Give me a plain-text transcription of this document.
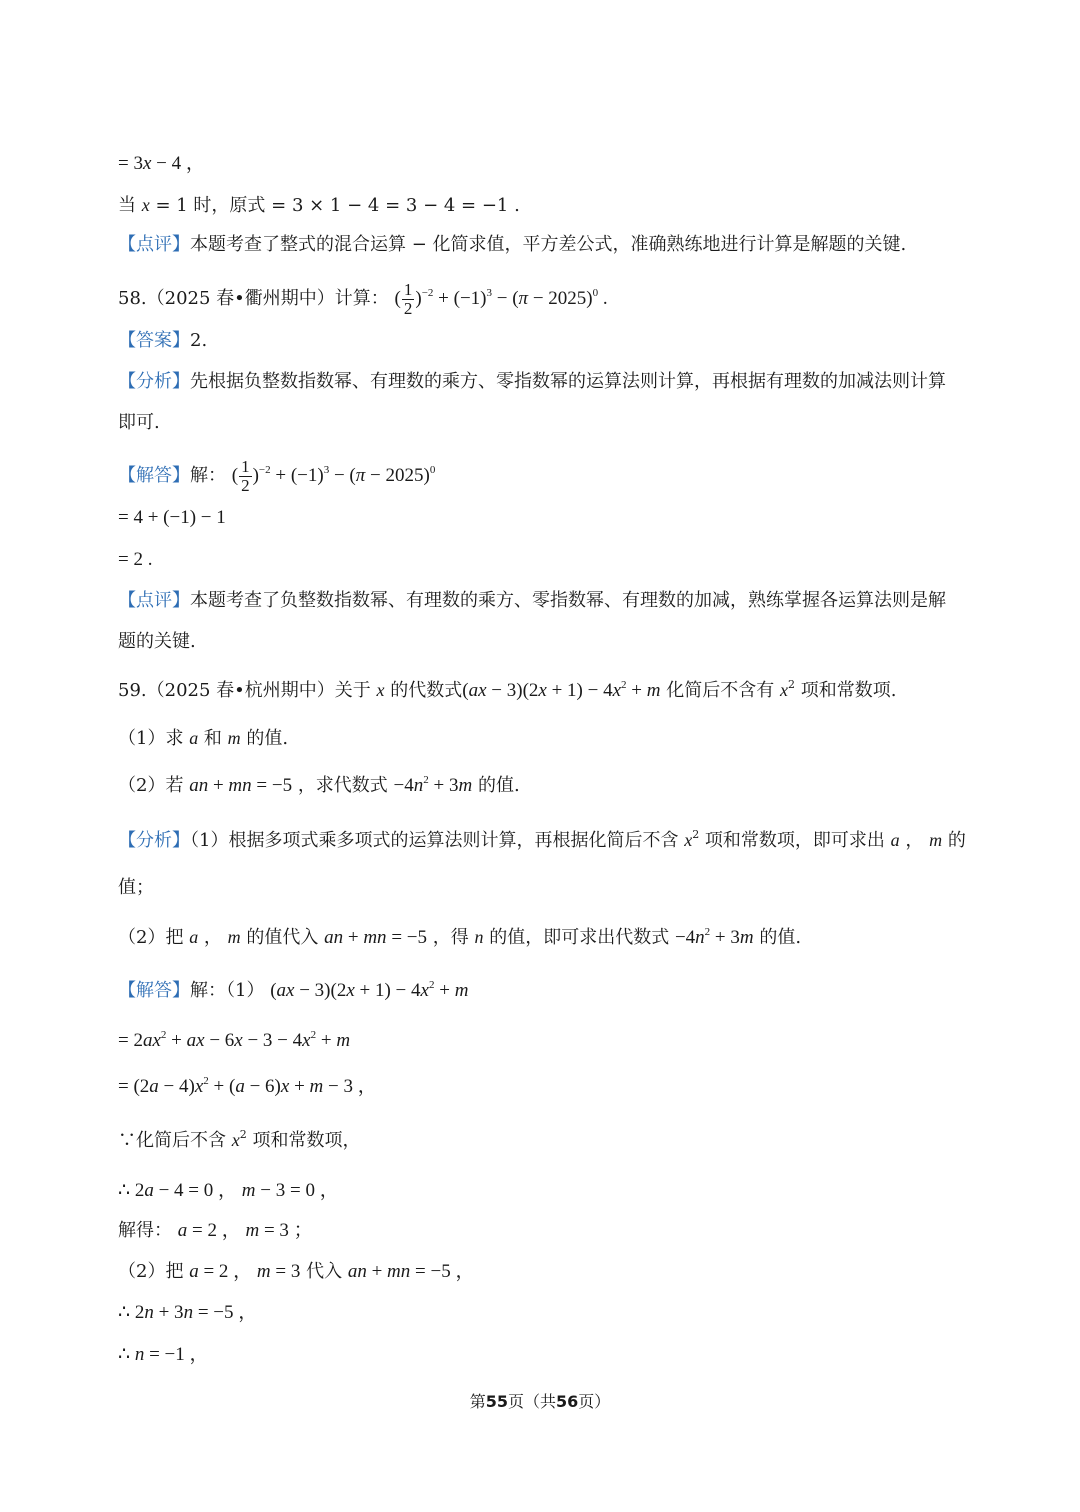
= 3x − 4 ，
当 x = 1 时，原式 = 3 × 1 − 4 = 3 − 4 = −1 .
【点评】本题考查了整式的混合运算 − 化简求值，平方差公式，准确熟练地进行计算是解题的关键.
58.（2025 春•衢州期中）计算： ( $\frac{1}{2} )^{-2} + (-1)^3 - (\pi - 2025)^0$ .
【答案】2.
【分析】先根据负整数指数幂、有理数的乘方、零指数幂的运算法则计算，再根据有理数的加减法则计算
即可.
【解答】解： ( $\frac{1}{2} )^{-2} + (-1)^3 - (\pi - 2025)^0$
= 4 + (−1) − 1
= 2 .
【点评】本题考查了负整数指数幂、有理数的乘方、零指数幂、有理数的加减，熟练掌握各运算法则是解
题的关键.
59.（2025 春•杭州期中）关于 x 的代数式$(ax - 3)(2x + 1) - 4x^2 + m$ 化简后不含有 $x^2$ 项和常数项.
（1）求 a 和 m 的值.
（2）若 an + mn = −5 ，求代数式 $-4n^2 + 3m$ 的值.
【分析】（1）根据多项式乘多项式的运算法则计算，再根据化简后不含 $x^2$ 项和常数项，即可求出 a ， m 的
值；
（2）把 a ， m 的值代入 an + mn = −5 ，得 n 的值，即可求出代数式 $-4n^2 + 3m$ 的值.
【解答】解：（1） $(ax - 3)(2x + 1) - 4x^2 + m$
= $2ax^2$ + ax − $6x - 3 - 4x^2 + m$
= $(2a - 4)x^2 + (a - 6)x + m - 3$ ，
∵化简后不含 $x^2$ 项和常数项，
∴ 2a − 4 = 0 ， m − 3 = 0 ，
解得： a = 2 ， m = 3 ；
（2）把 a = 2 ， m = 3 代入 an + mn = −5 ，
∴ 2n + 3n = −5 ，
∴ n = −1 ，
第55页（共56页）
